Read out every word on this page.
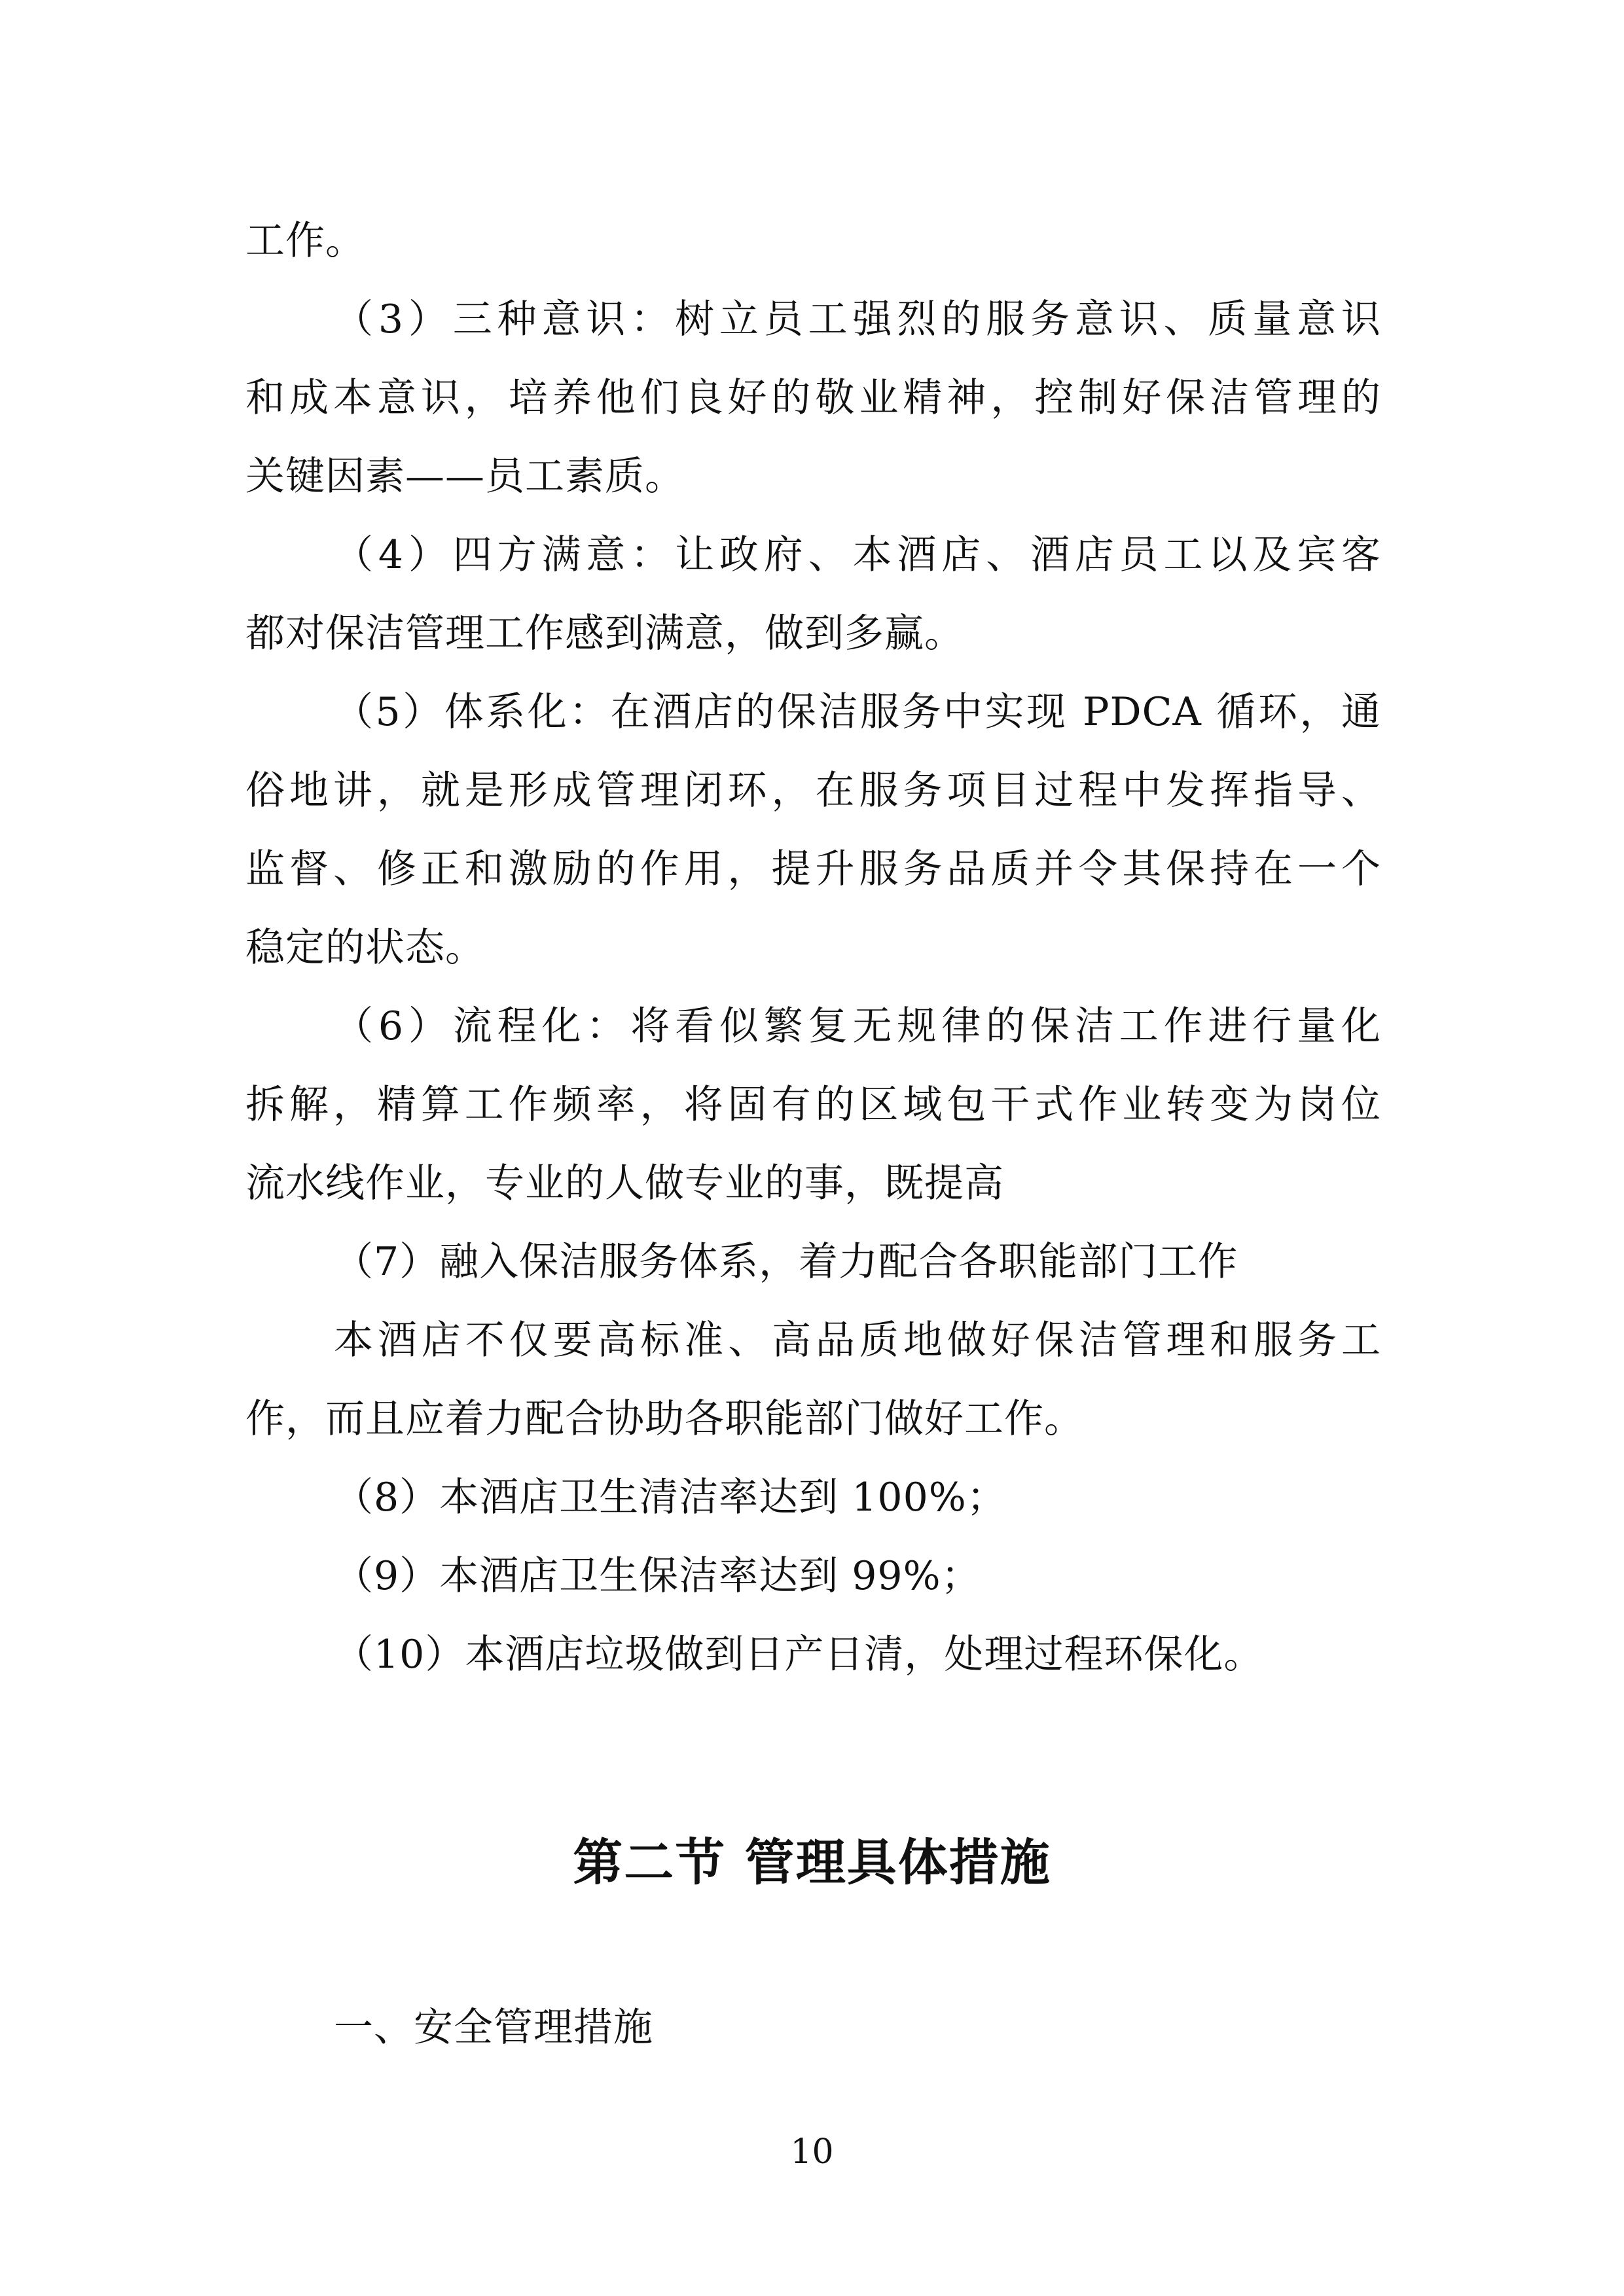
工作。
（3）三种意识：树立员工强烈的服务意识、质量意识
和成本意识，培养他们良好的敬业精神，控制好保洁管理的
关键因素——员工素质。
（4）四方满意：让政府、本酒店、酒店员工以及宾客
都对保洁管理工作感到满意，做到多赢。
（5）体系化：在酒店的保洁服务中实现 PDCA 循环，通
俗地讲，就是形成管理闭环，在服务项目过程中发挥指导、
监督、修正和激励的作用，提升服务品质并令其保持在一个
稳定的状态。
（6）流程化：将看似繁复无规律的保洁工作进行量化
拆解，精算工作频率，将固有的区域包干式作业转变为岗位
流水线作业，专业的人做专业的事，既提高
（7）融入保洁服务体系，着力配合各职能部门工作
本酒店不仅要高标准、高品质地做好保洁管理和服务工
作，而且应着力配合协助各职能部门做好工作。
（8）本酒店卫生清洁率达到 100%；
（9）本酒店卫生保洁率达到 99%；
（10）本酒店垃圾做到日产日清，处理过程环保化。
第二节 管理具体措施
一、安全管理措施
10
